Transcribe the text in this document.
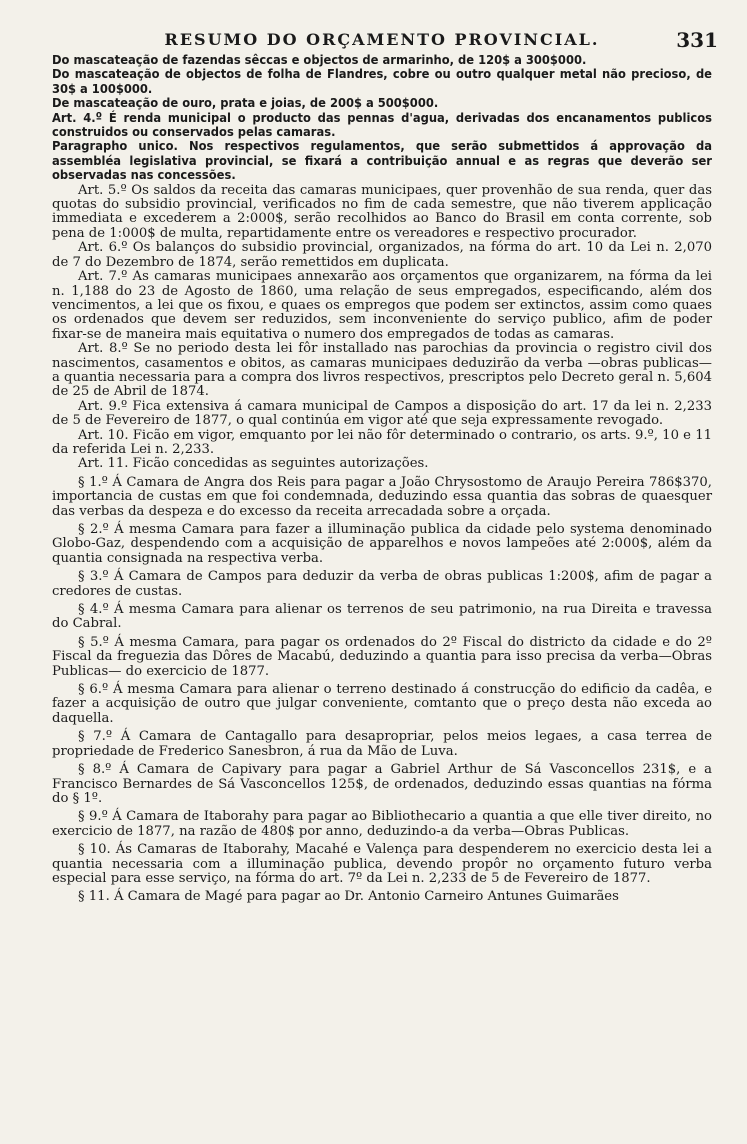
RESUMO DO ORÇAMENTO PROVINCIAL.	331

Do mascateação de fazendas sêccas e objectos de armarinho, de 120$ a 300$000.

Do mascateação de objectos de folha de Flandres, cobre ou outro qualquer metal não precioso, de 30$ a 100$000.

De mascateação de ouro, prata e joias, de 200$ a 500$000.

Art. 4.º É renda municipal o producto das pennas d'agua, derivadas dos encanamentos publicos construidos ou conservados pelas camaras.

Paragrapho unico. Nos respectivos regulamentos, que serão submettidos á approvação da assembléa legislativa provincial, se fixará a contribuição annual e as regras que deverão ser observadas nas concessões.

Art. 5.º Os saldos da receita das camaras municipaes, quer provenhão de sua renda, quer das quotas do subsidio provincial, verificados no fim de cada semestre, que não tiverem applicação immediata e excederem a 2:000$, serão recolhidos ao Banco do Brasil em conta corrente, sob pena de 1:000$ de multa, repartidamente entre os vereadores e respectivo procurador.

Art. 6.º Os balanços do subsidio provincial, organizados, na fórma do art. 10 da Lei n. 2,070 de 7 do Dezembro de 1874, serão remettidos em duplicata.

Art. 7.º As camaras municipaes annexarão aos orçamentos que organizarem, na fórma da lei n. 1,188 do 23 de Agosto de 1860, uma relação de seus empregados, especificando, além dos vencimentos, a lei que os fixou, e quaes os empregos que podem ser extinctos, assim como quaes os ordenados que devem ser reduzidos, sem inconveniente do serviço publico, afim de poder fixar-se de maneira mais equitativa o numero dos empregados de todas as camaras.

Art. 8.º Se no periodo desta lei fôr installado nas parochias da provincia o registro civil dos nascimentos, casamentos e obitos, as camaras municipaes deduzirão da verba —obras publicas—a quantia necessaria para a compra dos livros respectivos, prescriptos pelo Decreto geral n. 5,604 de 25 de Abril de 1874.

Art. 9.º Fica extensiva á camara municipal de Campos a disposição do art. 17 da lei n. 2,233 de 5 de Fevereiro de 1877, o qual continúa em vigor até que seja expressamente revogado.

Art. 10. Ficão em vigor, emquanto por lei não fôr determinado o contrario, os arts. 9.º, 10 e 11 da referida Lei n. 2,233.

Art. 11. Ficão concedidas as seguintes autorizações.

§ 1.º Á Camara de Angra dos Reis para pagar a João Chrysostomo de Araujo Pereira 786$370, importancia de custas em que foi condemnada, deduzindo essa quantia das sobras de quaesquer das verbas da despeza e do excesso da receita arrecadada sobre a orçada.

§ 2.º Á mesma Camara para fazer a illuminação publica da cidade pelo systema denominado Globo-Gaz, despendendo com a acquisição de apparelhos e novos lampeões até 2:000$, além da quantia consignada na respectiva verba.

§ 3.º Á Camara de Campos para deduzir da verba de obras publicas 1:200$, afim de pagar a credores de custas.

§ 4.º Á mesma Camara para alienar os terrenos de seu patrimonio, na rua Direita e travessa do Cabral.

§ 5.º Á mesma Camara, para pagar os ordenados do 2º Fiscal do districto da cidade e do 2º Fiscal da freguezia das Dôres de Macabú, deduzindo a quantia para isso precisa da verba—Obras Publicas— do exercicio de 1877.

§ 6.º Á mesma Camara para alienar o terreno destinado á construcção do edificio da cadêa, e fazer a acquisição de outro que julgar conveniente, comtanto que o preço desta não exceda ao daquella.

§ 7.º Á Camara de Cantagallo para desapropriar, pelos meios legaes, a casa terrea de propriedade de Frederico Sanesbron, á rua da Mão de Luva.

§ 8.º Á Camara de Capivary para pagar a Gabriel Arthur de Sá Vasconcellos 231$, e a Francisco Bernardes de Sá Vasconcellos 125$, de ordenados, deduzindo essas quantias na fórma do § 1º.

§ 9.º Á Camara de Itaborahy para pagar ao Bibliothecario a quantia a que elle tiver direito, no exercicio de 1877, na razão de 480$ por anno, deduzindo-a da verba—Obras Publicas.

§ 10. Ás Camaras de Itaborahy, Macahé e Valença para despenderem no exercicio desta lei a quantia necessaria com a illuminação publica, devendo propôr no orçamento futuro verba especial para esse serviço, na fórma do art. 7º da Lei n. 2,233 de 5 de Fevereiro de 1877.

§ 11. Á Camara de Magé para pagar ao Dr. Antonio Carneiro Antunes Guimarães
